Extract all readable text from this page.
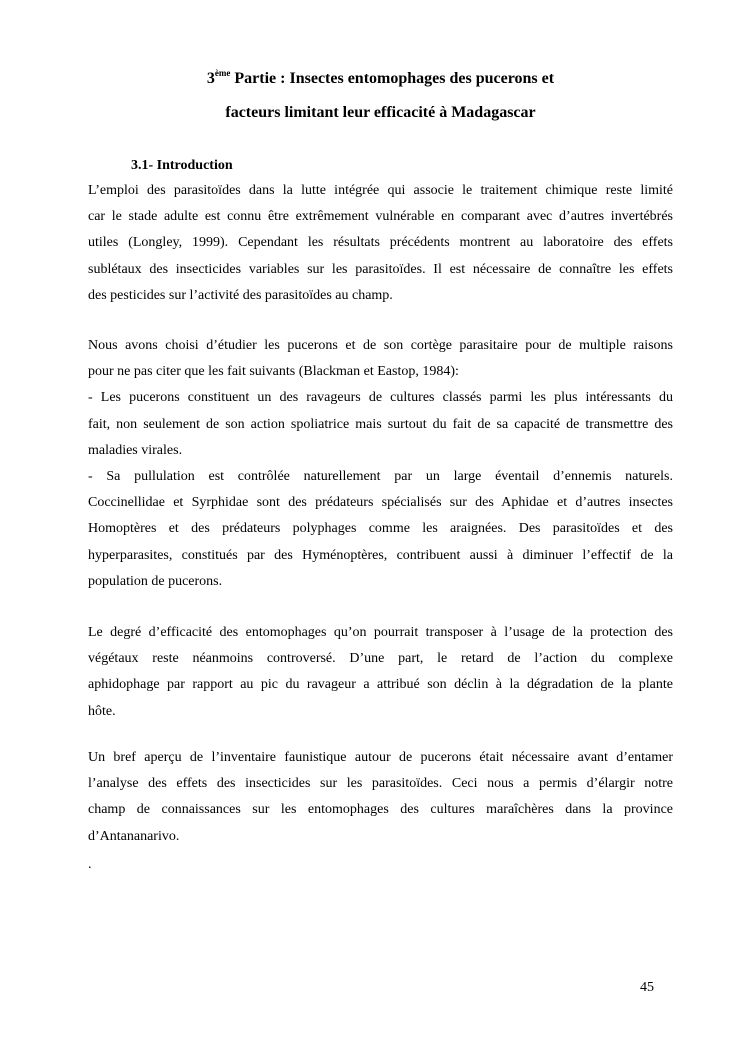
3ème Partie : Insectes entomophages des pucerons et
facteurs limitant leur efficacité à Madagascar
3.1- Introduction
L’emploi des parasitoïdes dans la lutte intégrée qui associe le traitement chimique reste limité
car le stade adulte est connu être extrêmement vulnérable en comparant avec d’autres invertébrés
utiles (Longley, 1999). Cependant les résultats précédents montrent au laboratoire des effets
sublétaux des insecticides variables sur les parasitoïdes. Il est nécessaire de connaître les effets
des pesticides sur l’activité des parasitoïdes au champ.
Nous avons choisi d’étudier les pucerons et de son cortège parasitaire pour de multiple raisons
pour ne pas citer que les fait suivants (Blackman et Eastop, 1984):
- Les pucerons constituent un des ravageurs de cultures classés parmi les plus intéressants du
fait, non seulement de son action spoliatrice mais surtout du fait de sa capacité de transmettre des
maladies virales.
- Sa pullulation est contrôlée naturellement par un large éventail d’ennemis naturels.
Coccinellidae et Syrphidae sont des prédateurs spécialisés sur des Aphidae et d’autres insectes
Homoptères et des prédateurs polyphages comme les araignées. Des parasitoïdes et des
hyperparasites, constitués par des Hyménoptères, contribuent aussi à diminuer l’effectif de la
population de pucerons.
Le degré d’efficacité des entomophages qu’on pourrait transposer à l’usage de la protection des
végétaux reste néanmoins controversé. D’une part, le retard de l’action du complexe
aphidophage par rapport au pic du ravageur a attribué son déclin à la dégradation de la plante
hôte.
Un bref aperçu de l’inventaire faunistique autour de pucerons était nécessaire avant d’entamer
l’analyse des effets des insecticides sur les parasitoïdes. Ceci nous a permis d’élargir notre
champ de connaissances sur les entomophages des cultures maraîchères dans la province
d’Antananarivo.
.
45
